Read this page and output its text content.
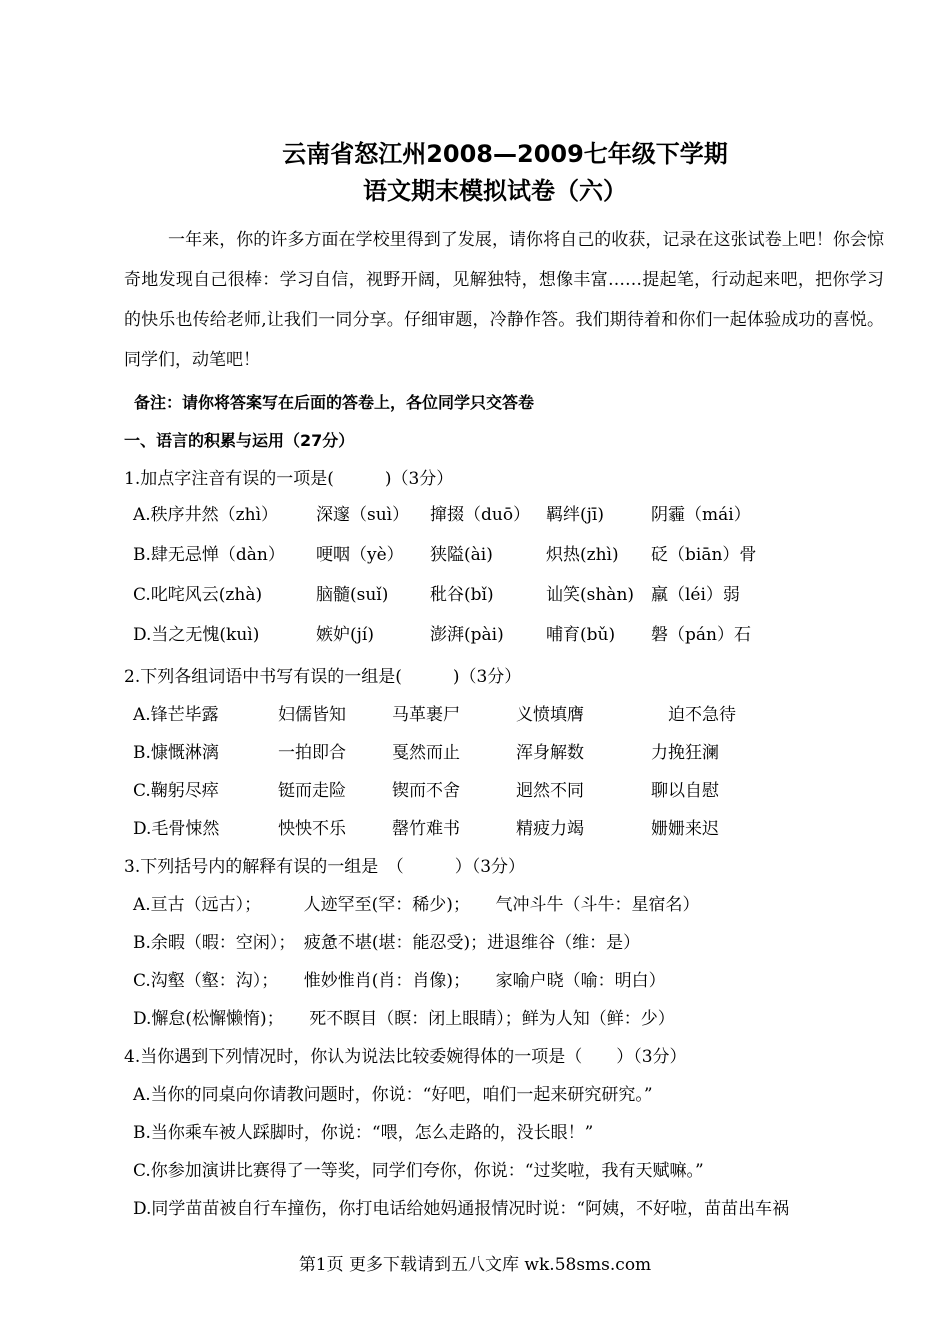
云南省怒江州2008—2009七年级下学期
语文期末模拟试卷（六）
一年来，你的许多方面在学校里得到了发展，请你将自己的收获，记录在这张试卷上吧！你会惊奇地发现自己很棒：学习自信，视野开阔，见解独特，想像丰富……提起笔，行动起来吧，把你学习的快乐也传给老师,让我们一同分享。仔细审题，冷静作答。我们期待着和你们一起体验成功的喜悦。同学们，动笔吧！
备注：请你将答案写在后面的答卷上，各位同学只交答卷
一、语言的积累与运用（27分）
1.加点字注音有误的一项是(　　　)（3分）
A.秩序井然（zhì） 深邃（suì） 撺掇（duō） 羁绊(jī)	阴霾（mái）
B.肆无忌惮（dàn） 哽咽（yè） 狭隘(ài)	炽热(zhì) 砭（biān）骨
C.叱咤风云(zhà)	脑髓(suǐ) 秕谷(bǐ)	讪笑(shàn) 羸（léi）弱
D.当之无愧(kuì)	嫉妒(jí)	澎湃(pài) 哺育(bǔ) 磐（pán）石
2.下列各组词语中书写有误的一组是(　　　)（3分）
A.锋芒毕露	妇儒皆知	马革裹尸	义愤填膺	迫不急待
B.慷慨淋漓	一拍即合	戛然而止	浑身解数	力挽狂澜
C.鞠躬尽瘁	铤而走险	锲而不舍	迥然不同	聊以自慰
D.毛骨悚然	怏怏不乐	罄竹难书	精疲力竭	姗姗来迟
3.下列括号内的解释有误的一组是　（　　　）（3分）
A.亘古（远古）；　　　人迹罕至(罕：稀少)；　　气冲斗牛（斗牛：星宿名）
B.余暇（暇：空闲）；　疲惫不堪(堪：能忍受)；进退维谷（维：是）
C.沟壑（壑：沟）；　　惟妙惟肖(肖：肖像)；　　家喻户晓（喻：明白）
D.懈怠(松懈懒惰)；　　死不瞑目（瞑：闭上眼睛）；鲜为人知（鲜：少）
4.当你遇到下列情况时，你认为说法比较委婉得体的一项是（　　）（3分）
A.当你的同桌向你请教问题时，你说：“好吧，咱们一起来研究研究。”
B.当你乘车被人踩脚时，你说：“喂，怎么走路的，没长眼！”
C.你参加演讲比赛得了一等奖，同学们夸你，你说：“过奖啦，我有天赋嘛。”
D.同学苗苗被自行车撞伤，你打电话给她妈通报情况时说：“阿姨，不好啦，苗苗出车祸
第1页 更多下载请到五八文库 wk.58sms.com
